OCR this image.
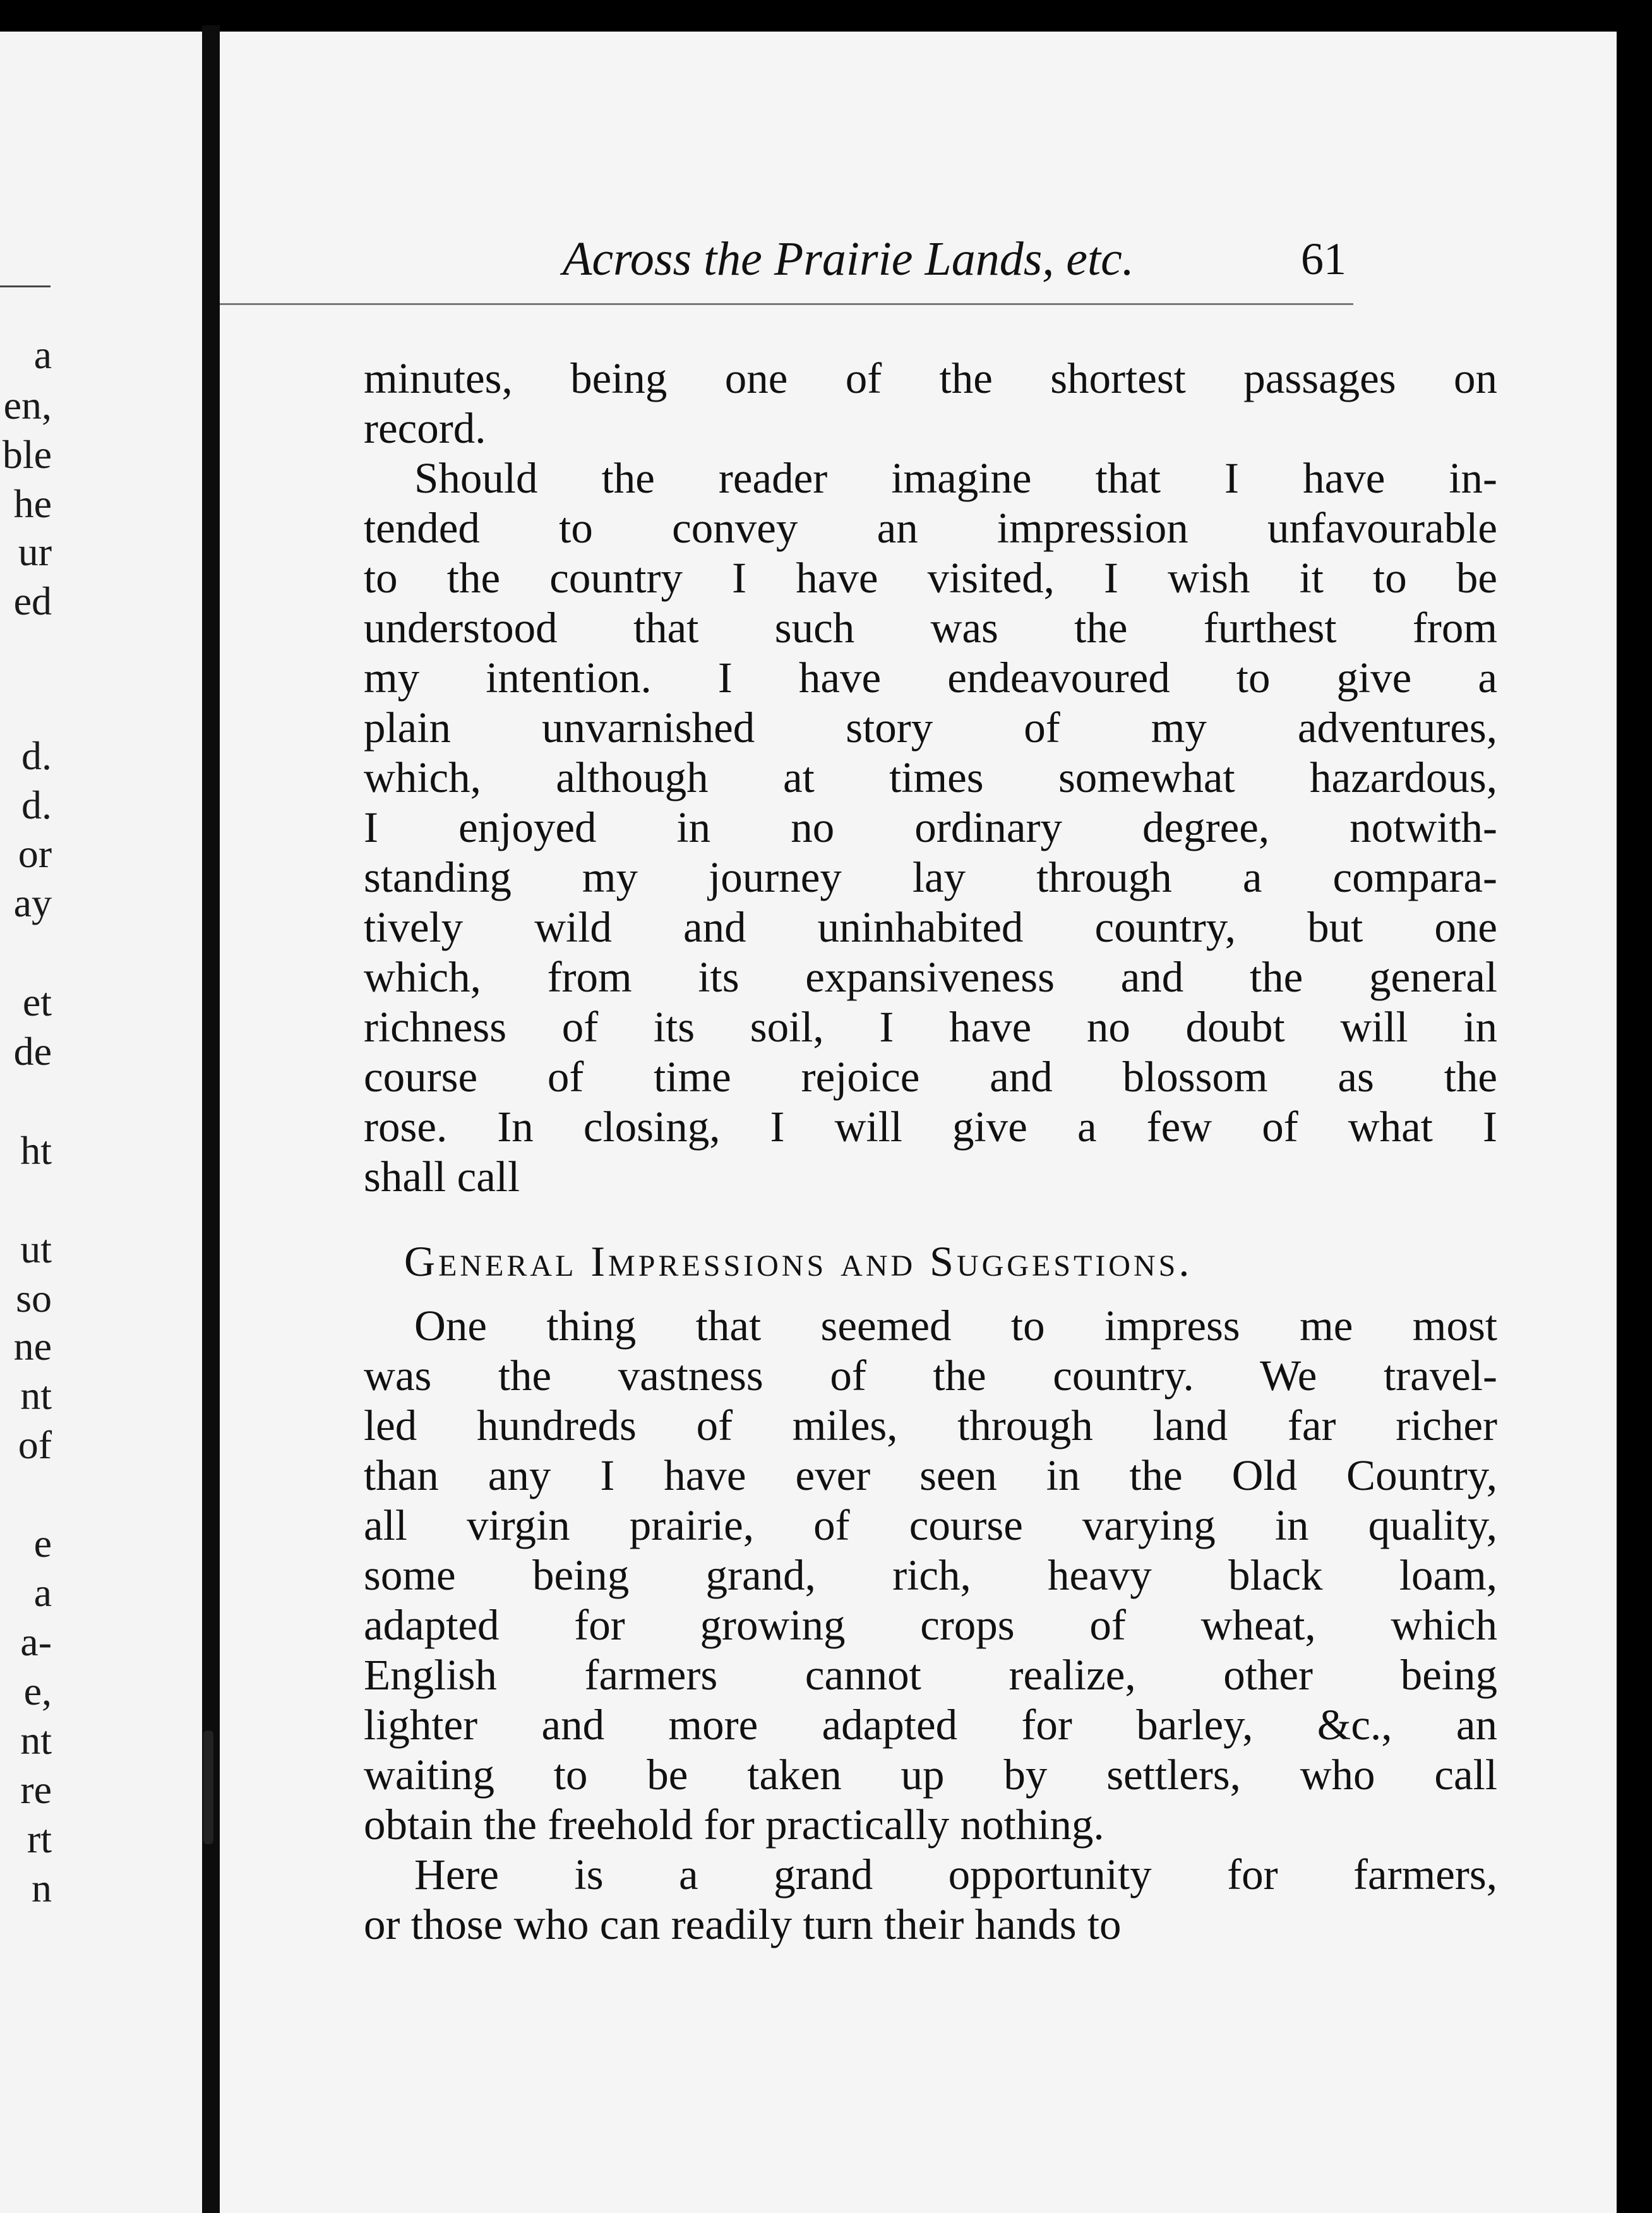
a
en,
ble
he
ur
ed
d.
d.
or
ay
et
de
ht
ut
so
ne
nt
of
e
a
a-
e,
nt
re
rt
n
Across the Prairie Lands, etc.	61
minutes, being one of the shortest passages on
record.
Should the reader imagine that I have in-
tended to convey an impression unfavourable
to the country I have visited, I wish it to be
understood that such was the furthest from
my intention. I have endeavoured to give a
plain unvarnished story of my adventures,
which, although at times somewhat hazardous,
I enjoyed in no ordinary degree, notwith-
standing my journey lay through a compara-
tively wild and uninhabited country, but one
which, from its expansiveness and the general
richness of its soil, I have no doubt will in
course of time rejoice and blossom as the
rose. In closing, I will give a few of what I
shall call
General Impressions and Suggestions.
One thing that seemed to impress me most
was the vastness of the country. We travel-
led hundreds of miles, through land far richer
than any I have ever seen in the Old Country,
all virgin prairie, of course varying in quality,
some being grand, rich, heavy black loam,
adapted for growing crops of wheat, which
English farmers cannot realize, other being
lighter and more adapted for barley, &c., an
waiting to be taken up by settlers, who call
obtain the freehold for practically nothing.
Here is a grand opportunity for farmers,
or those who can readily turn their hands to
